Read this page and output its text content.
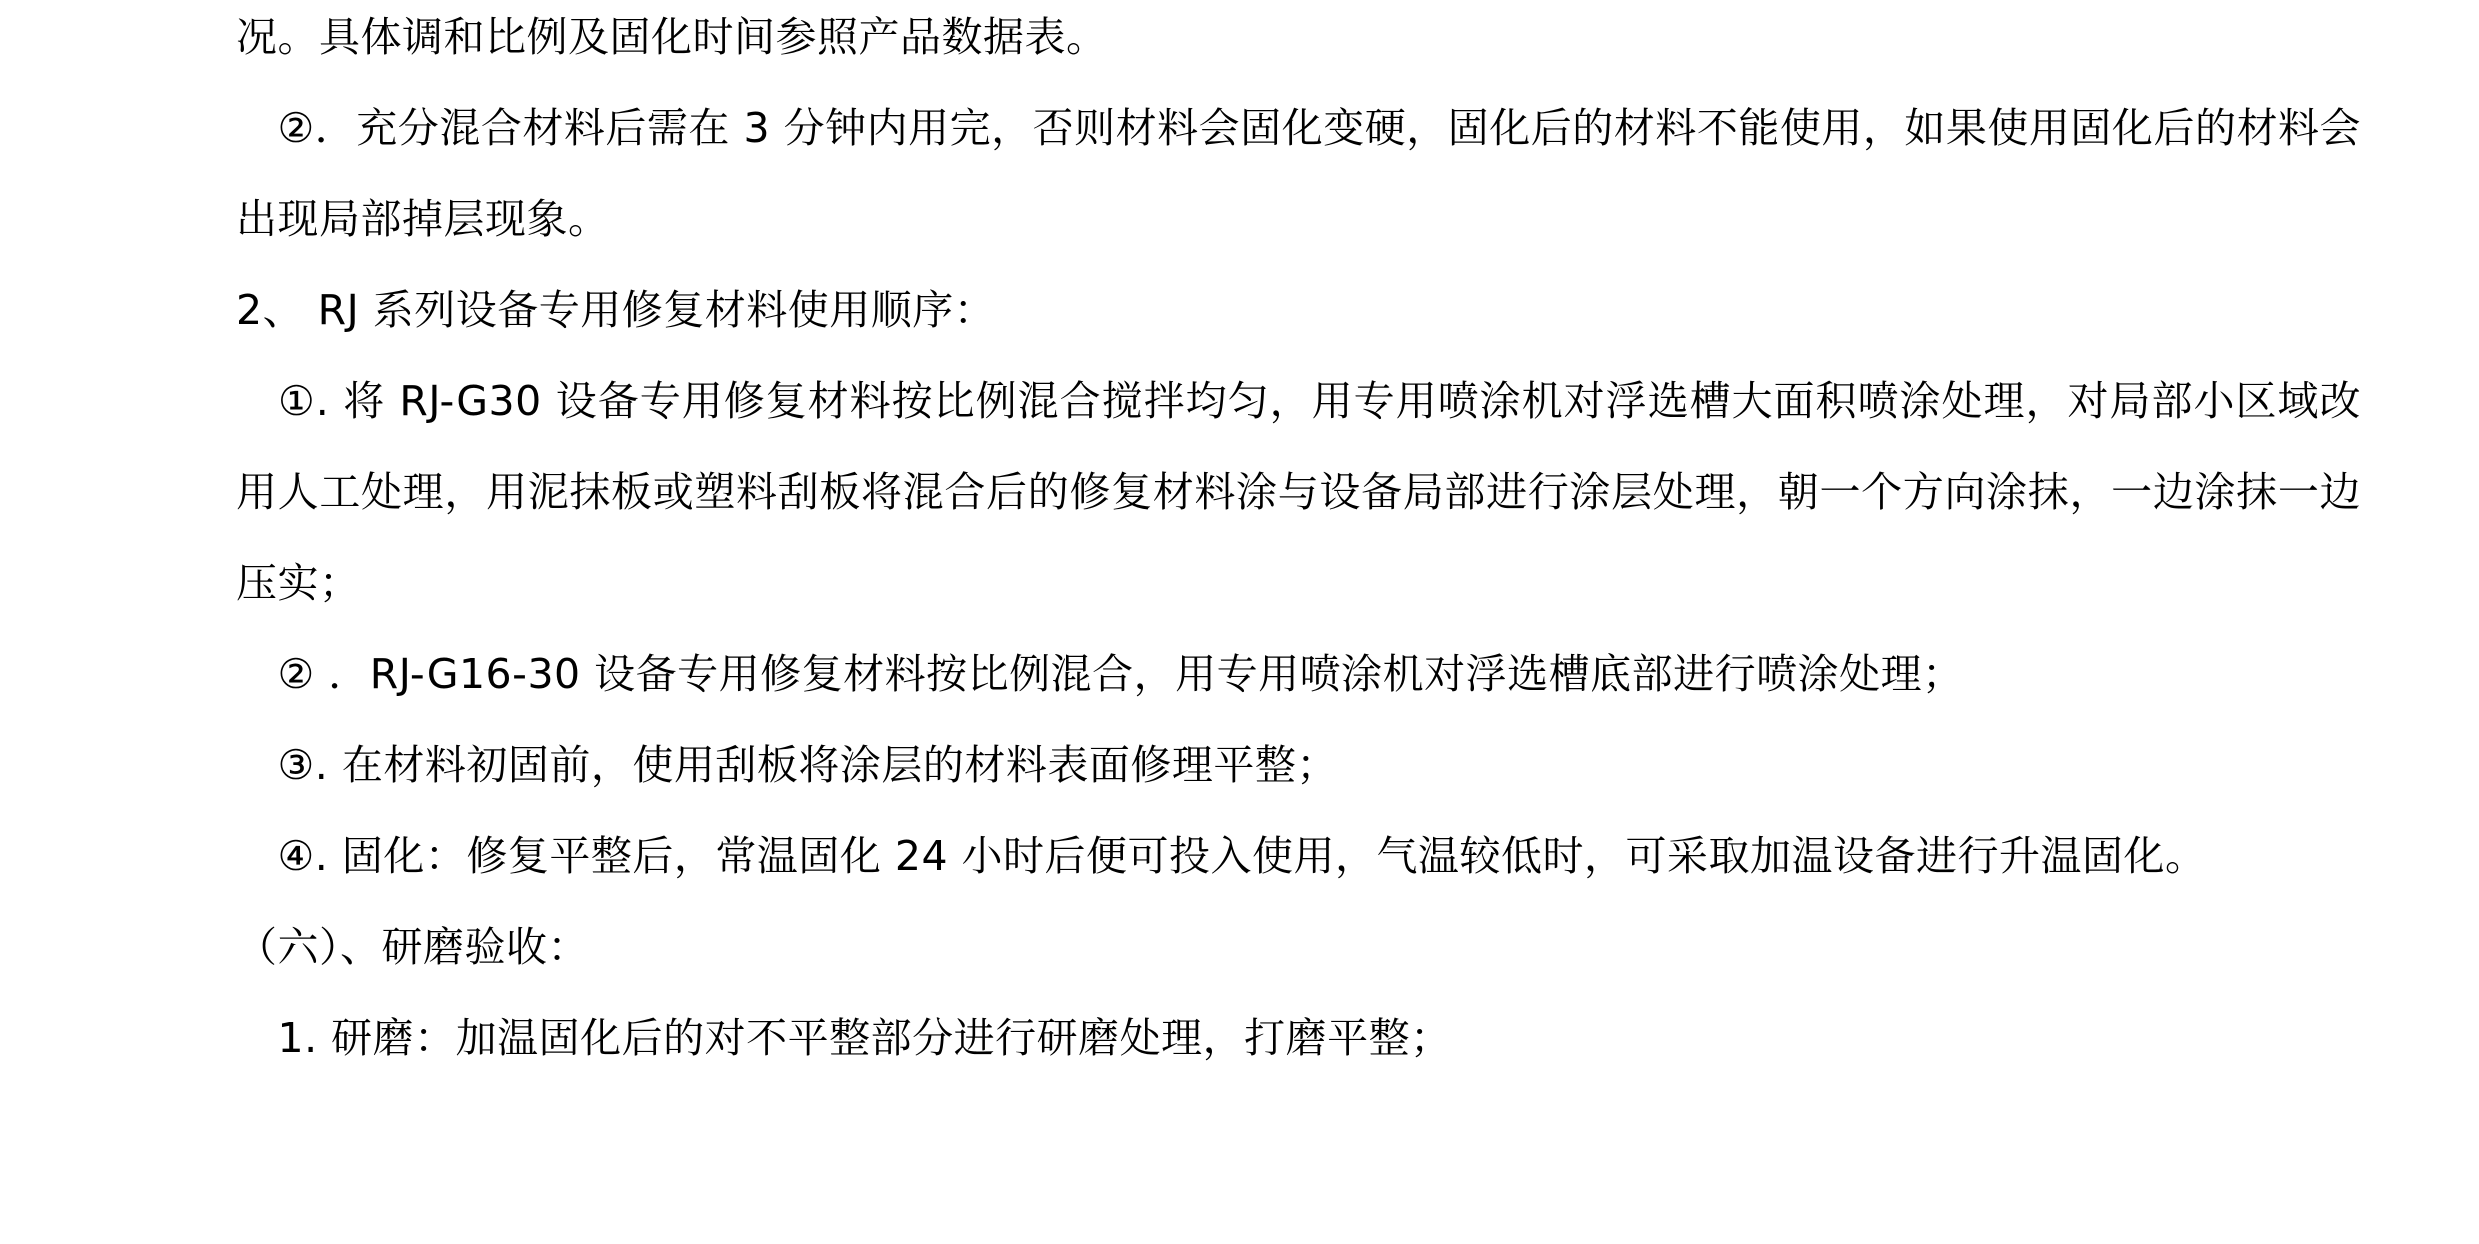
况。具体调和比例及固化时间参照产品数据表。

　②．充分混合材料后需在 3 分钟内用完，否则材料会固化变硬，固化后的材料不能使用，如果使用固化后的材料会出现局部掉层现象。

2、 RJ 系列设备专用修复材料使用顺序：

　①. 将 RJ-G30 设备专用修复材料按比例混合搅拌均匀，用专用喷涂机对浮选槽大面积喷涂处理，对局部小区域改用人工处理，用泥抹板或塑料刮板将混合后的修复材料涂与设备局部进行涂层处理，朝一个方向涂抹，一边涂抹一边压实；

　② ．RJ-G16-30 设备专用修复材料按比例混合，用专用喷涂机对浮选槽底部进行喷涂处理；

　③. 在材料初固前，使用刮板将涂层的材料表面修理平整；

　④. 固化：修复平整后，常温固化 24 小时后便可投入使用，气温较低时，可采取加温设备进行升温固化。

（六）、研磨验收：

　1. 研磨：加温固化后的对不平整部分进行研磨处理，打磨平整；
